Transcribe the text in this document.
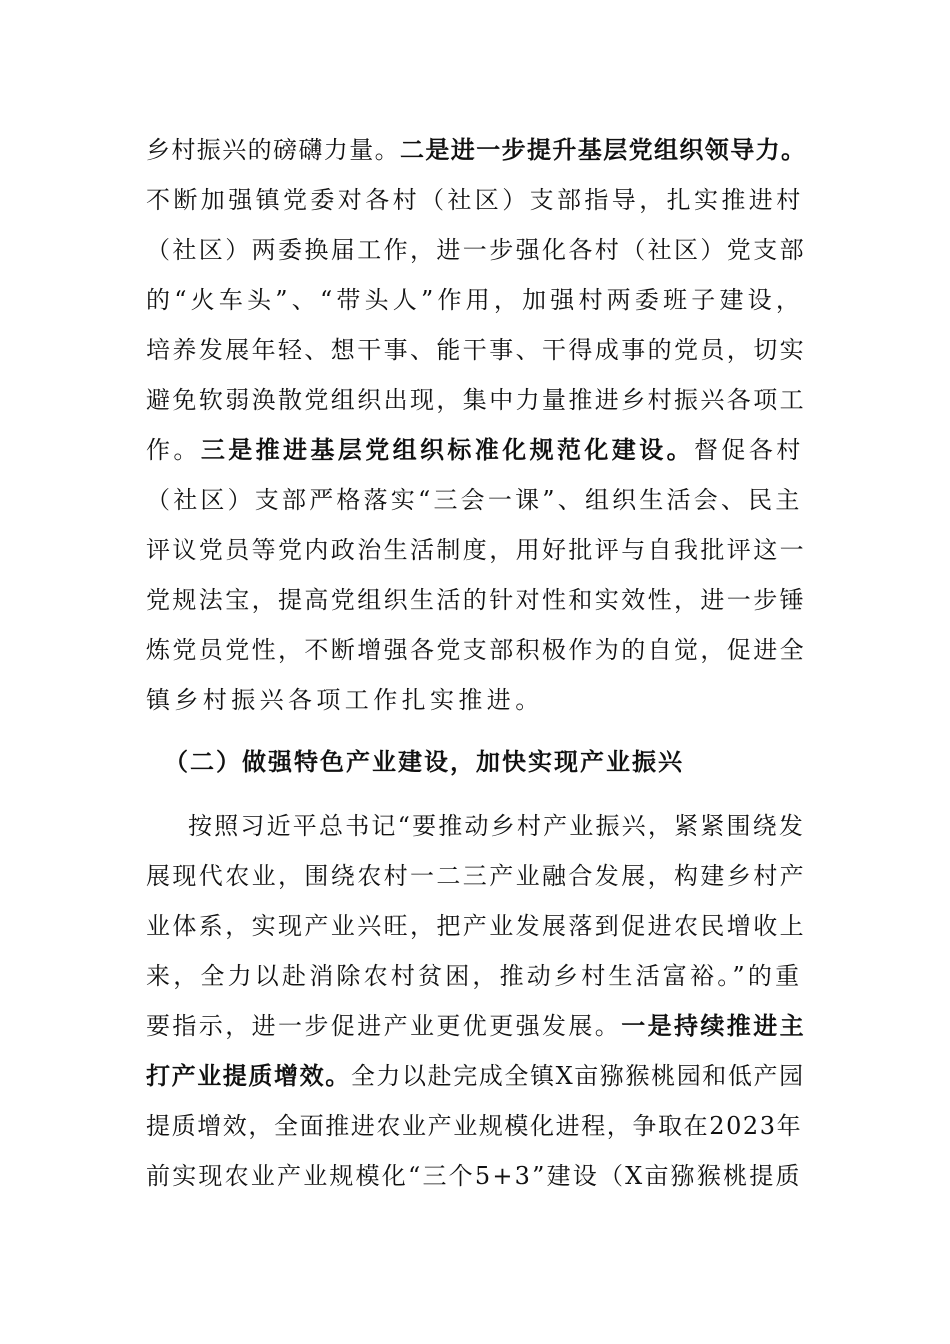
乡村振兴的磅礴力量。二是进一步提升基层党组织领导力。
不断加强镇党委对各村（社区）支部指导，扎实推进村
（社区）两委换届工作，进一步强化各村（社区）党支部
的“火车头”、“带头人”作用，加强村两委班子建设，
培养发展年轻、想干事、能干事、干得成事的党员，切实
避免软弱涣散党组织出现，集中力量推进乡村振兴各项工
作。三是推进基层党组织标准化规范化建设。督促各村
（社区）支部严格落实“三会一课”、组织生活会、民主
评议党员等党内政治生活制度，用好批评与自我批评这一
党规法宝，提高党组织生活的针对性和实效性，进一步锤
炼党员党性，不断增强各党支部积极作为的自觉，促进全
镇乡村振兴各项工作扎实推进。
（二）做强特色产业建设，加快实现产业振兴
按照习近平总书记“要推动乡村产业振兴，紧紧围绕发
展现代农业，围绕农村一二三产业融合发展，构建乡村产
业体系，实现产业兴旺，把产业发展落到促进农民增收上
来，全力以赴消除农村贫困，推动乡村生活富裕。”的重
要指示，进一步促进产业更优更强发展。一是持续推进主
打产业提质增效。全力以赴完成全镇X亩猕猴桃园和低产园
提质增效，全面推进农业产业规模化进程，争取在2023年
前实现农业产业规模化“三个5+3”建设（X亩猕猴桃提质
